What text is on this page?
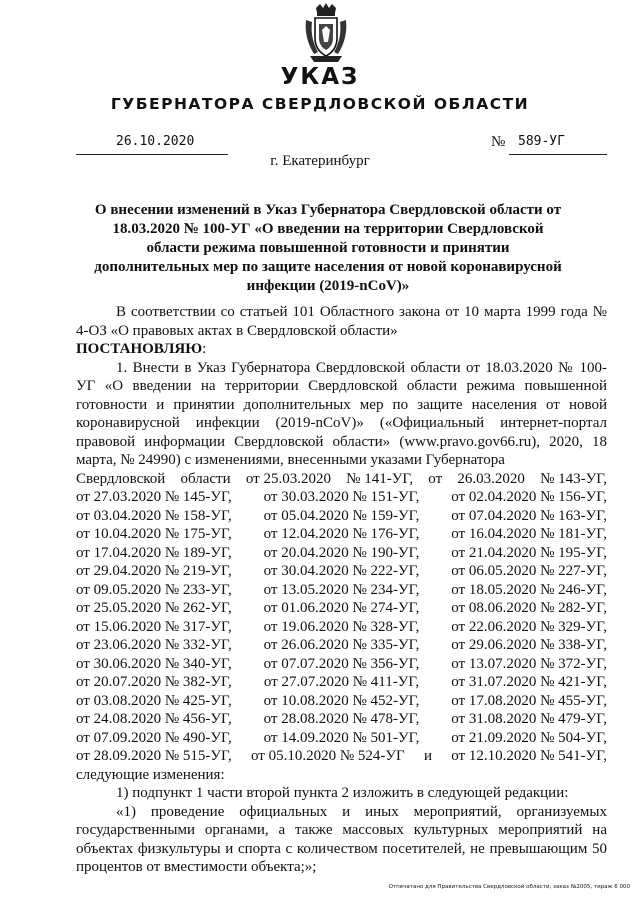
УКАЗ
ГУБЕРНАТОРА СВЕРДЛОВСКОЙ ОБЛАСТИ
26.10.2020	№ 589-УГ
г. Екатеринбург
О внесении изменений в Указ Губернатора Свердловской области от 18.03.2020 № 100-УГ «О введении на территории Свердловской области режима повышенной готовности и принятии дополнительных мер по защите населения от новой коронавирусной инфекции (2019-nCoV)»

В соответствии со статьей 101 Областного закона от 10 марта 1999 года № 4-ОЗ «О правовых актах в Свердловской области»

ПОСТАНОВЛЯЮ:

1. Внести в Указ Губернатора Свердловской области от 18.03.2020 № 100-УГ «О введении на территории Свердловской области режима повышенной готовности и принятии дополнительных мер по защите населения от новой коронавирусной инфекции (2019-nCoV)» («Официальный интернет-портал правовой информации Свердловской области» (www.pravo.gov66.ru), 2020, 18 марта, № 24990) с изменениями, внесенными указами Губернатора

Свердловской области от 25.03.2020 № 141-УГ, от 26.03.2020 № 143-УГ,
от 27.03.2020 № 145-УГ, от 30.03.2020 № 151-УГ, от 02.04.2020 № 156-УГ,
от 03.04.2020 № 158-УГ, от 05.04.2020 № 159-УГ, от 07.04.2020 № 163-УГ,
от 10.04.2020 № 175-УГ, от 12.04.2020 № 176-УГ, от 16.04.2020 № 181-УГ,
от 17.04.2020 № 189-УГ, от 20.04.2020 № 190-УГ, от 21.04.2020 № 195-УГ,
от 29.04.2020 № 219-УГ, от 30.04.2020 № 222-УГ, от 06.05.2020 № 227-УГ,
от 09.05.2020 № 233-УГ, от 13.05.2020 № 234-УГ, от 18.05.2020 № 246-УГ,
от 25.05.2020 № 262-УГ, от 01.06.2020 № 274-УГ, от 08.06.2020 № 282-УГ,
от 15.06.2020 № 317-УГ, от 19.06.2020 № 328-УГ, от 22.06.2020 № 329-УГ,
от 23.06.2020 № 332-УГ, от 26.06.2020 № 335-УГ, от 29.06.2020 № 338-УГ,
от 30.06.2020 № 340-УГ, от 07.07.2020 № 356-УГ, от 13.07.2020 № 372-УГ,
от 20.07.2020 № 382-УГ, от 27.07.2020 № 411-УГ, от 31.07.2020 № 421-УГ,
от 03.08.2020 № 425-УГ, от 10.08.2020 № 452-УГ, от 17.08.2020 № 455-УГ,
от 24.08.2020 № 456-УГ, от 28.08.2020 № 478-УГ, от 31.08.2020 № 479-УГ,
от 07.09.2020 № 490-УГ, от 14.09.2020 № 501-УГ, от 21.09.2020 № 504-УГ,
от 28.09.2020 № 515-УГ, от 05.10.2020 № 524-УГ и от 12.10.2020 № 541-УГ,

следующие изменения:

1) подпункт 1 части второй пункта 2 изложить в следующей редакции:

«1) проведение официальных и иных мероприятий, организуемых государственными органами, а также массовых культурных мероприятий на объектах физкультуры и спорта с количеством посетителей, не превышающим 50 процентов от вместимости объекта;»;

Отпечатано для Правительства Свердловской области, заказ №2005, тираж 6 000
